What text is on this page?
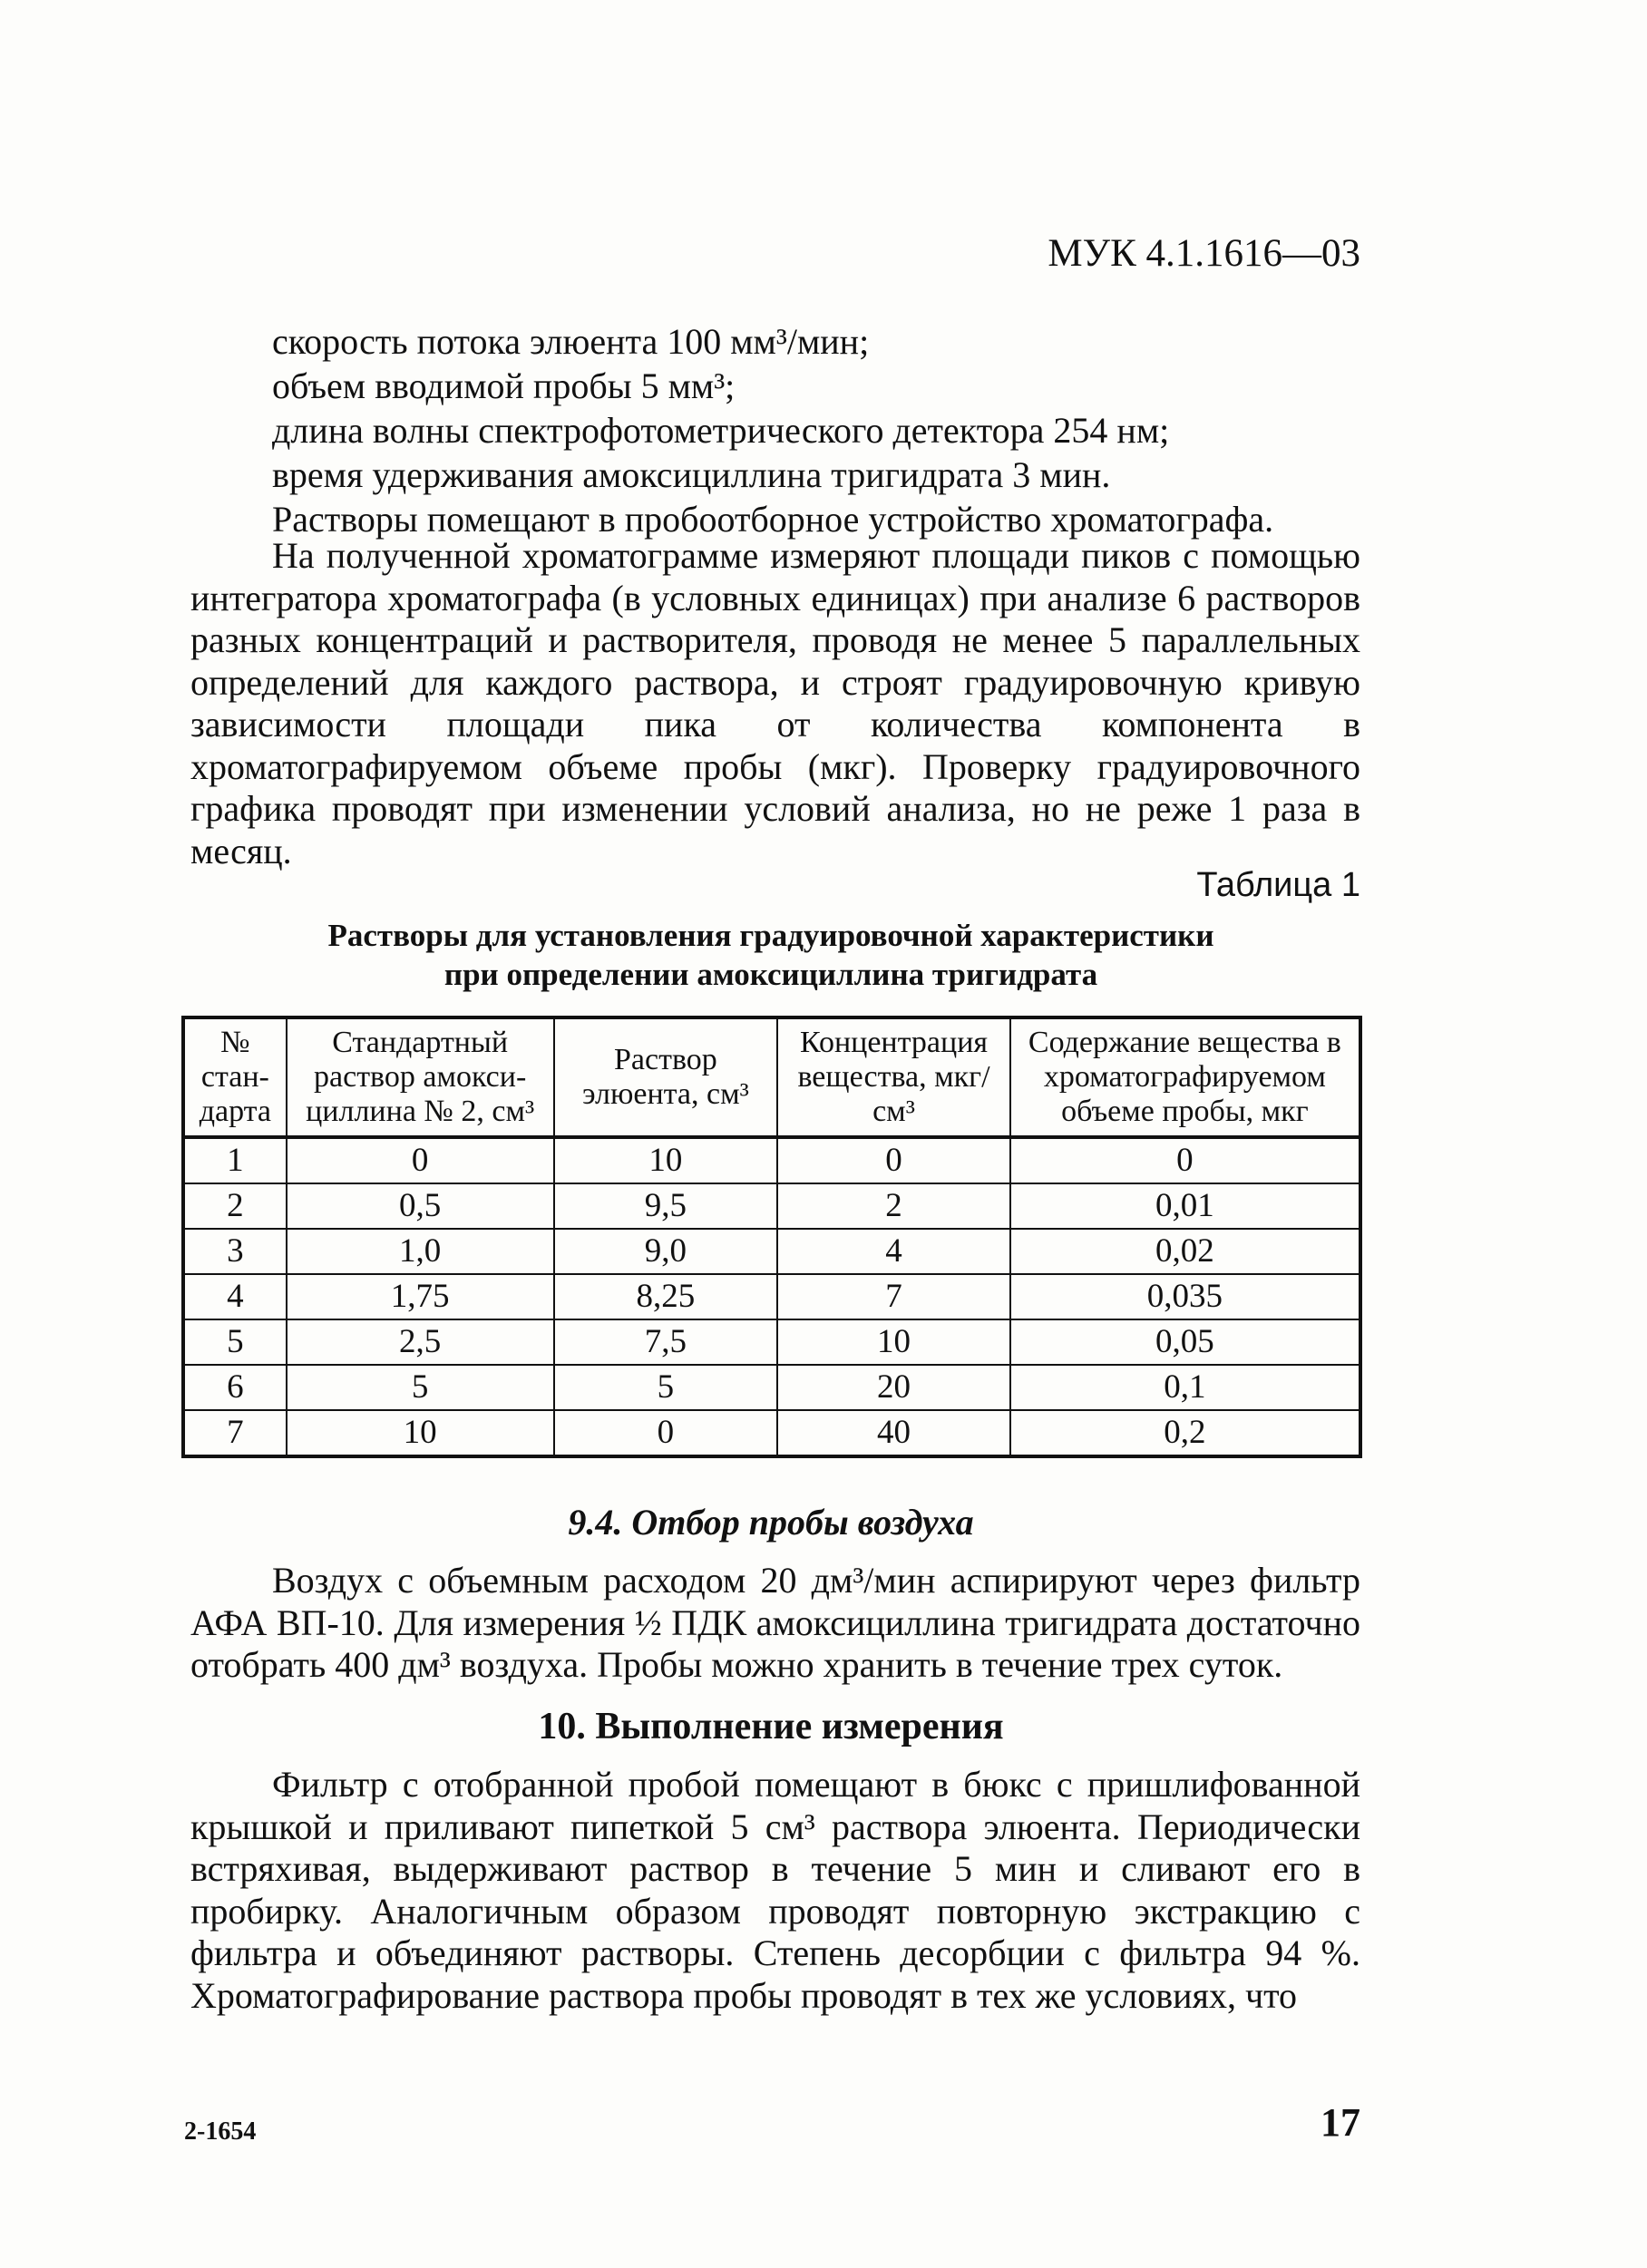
МУК 4.1.1616—03
скорость потока элюента 100 мм³/мин;
объем вводимой пробы 5 мм³;
длина волны спектрофотометрического детектора 254 нм;
время удерживания амоксициллина тригидрата 3 мин.
Растворы помещают в пробоотборное устройство хроматографа.
На полученной хроматограмме измеряют площади пиков с помощью интегратора хроматографа (в условных единицах) при анализе 6 растворов разных концентраций и растворителя, проводя не менее 5 параллельных определений для каждого раствора, и строят градуировочную кривую зависимости площади пика от количества компонента в хроматографируемом объеме пробы (мкг). Проверку градуировочного графика проводят при изменении условий анализа, но не реже 1 раза в месяц.
Таблица 1
Растворы для установления градуировочной характеристики
при определении амоксициллина тригидрата
№ стан- дарта	Стандартный раствор амокси- циллина № 2, см³	Раствор элюента, см³	Концентрация вещества, мкг/см³	Содержание вещества в хроматографируемом объеме пробы, мкг
1	0	10	0	0
2	0,5	9,5	2	0,01
3	1,0	9,0	4	0,02
4	1,75	8,25	7	0,035
5	2,5	7,5	10	0,05
6	5	5	20	0,1
7	10	0	40	0,2
9.4. Отбор пробы воздуха
Воздух с объемным расходом 20 дм³/мин аспирируют через фильтр АФА ВП-10. Для измерения ½ ПДК амоксициллина тригидрата достаточно отобрать 400 дм³ воздуха. Пробы можно хранить в течение трех суток.
10. Выполнение измерения
Фильтр с отобранной пробой помещают в бюкс с пришлифованной крышкой и приливают пипеткой 5 см³ раствора элюента. Периодически встряхивая, выдерживают раствор в течение 5 мин и сливают его в пробирку. Аналогичным образом проводят повторную экстракцию с фильтра и объединяют растворы. Степень десорбции с фильтра 94 %. Хроматографирование раствора пробы проводят в тех же условиях, что
2-1654	17
